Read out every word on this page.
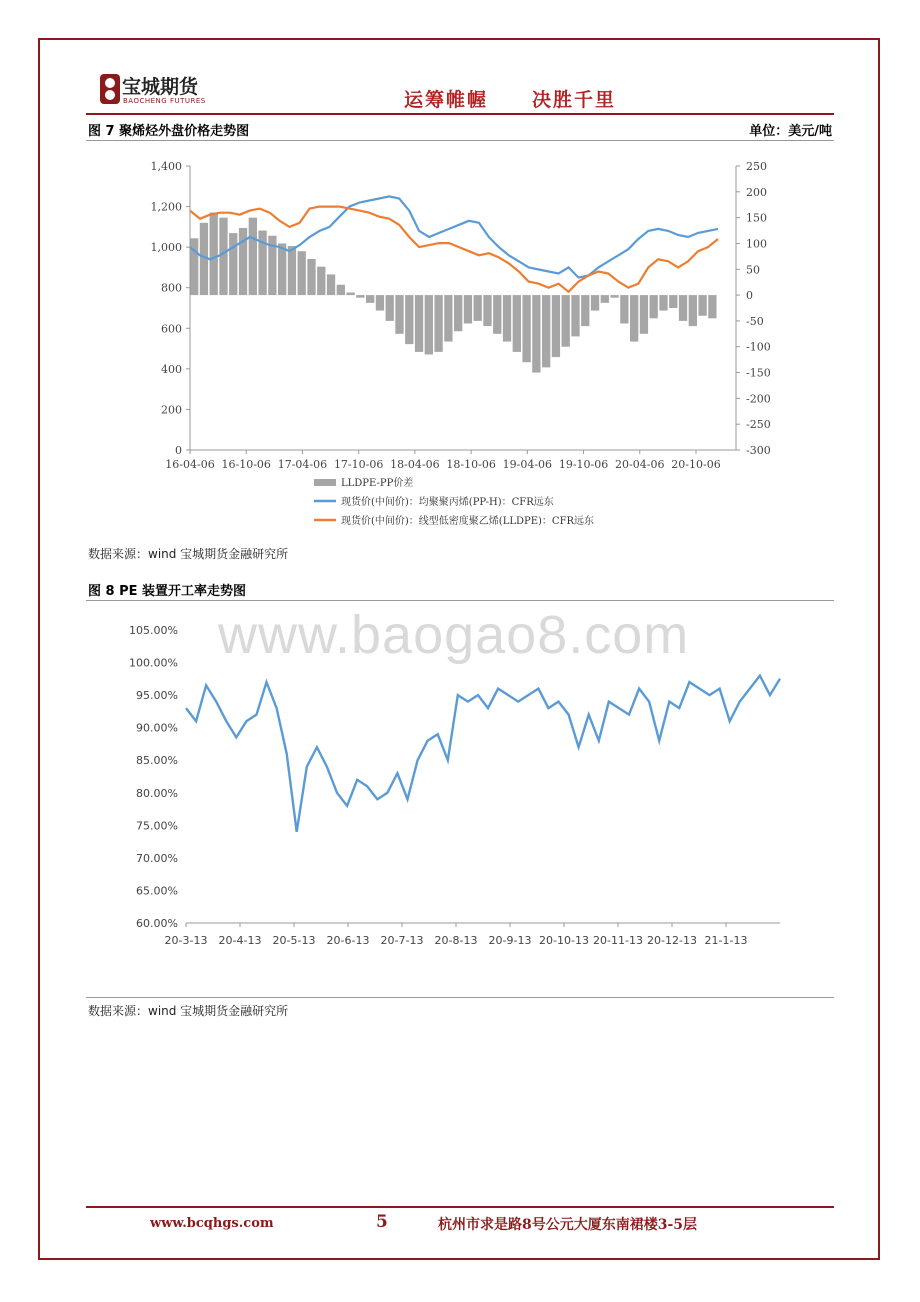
宝城期货
BAOCHENG FUTURES	运筹帷幄 决胜千里
图 7 聚烯烃外盘价格走势图	单位：美元/吨
0
200
400
600
800
1,000
1,200
1,400	250
200
150
100
50
0
-50
-100
-150
-200
-250
-300
16-04-06 16-10-06 17-04-06 17-10-06 18-04-06 18-10-06 19-04-06 19-10-06 20-04-06 20-10-06
LLDPE-PP价差
现货价(中间价)：均聚聚丙烯(PP-H)：CFR远东
现货价(中间价)：线型低密度聚乙烯(LLDPE)：CFR远东
数据来源：wind 宝城期货金融研究所
图 8 PE 装置开工率走势图
60.00%
65.00%
70.00%
75.00%
80.00%
85.00%
90.00%
95.00%
100.00%
105.00%
20-3-13 20-4-13 20-5-13 20-6-13 20-7-13 20-8-13 20-9-13 20-10-13 20-11-13 20-12-13 21-1-13
www.baogao8.com
数据来源：wind 宝城期货金融研究所
www.bcqhgs.com	5	杭州市求是路8号公元大厦东南裙楼3-5层
